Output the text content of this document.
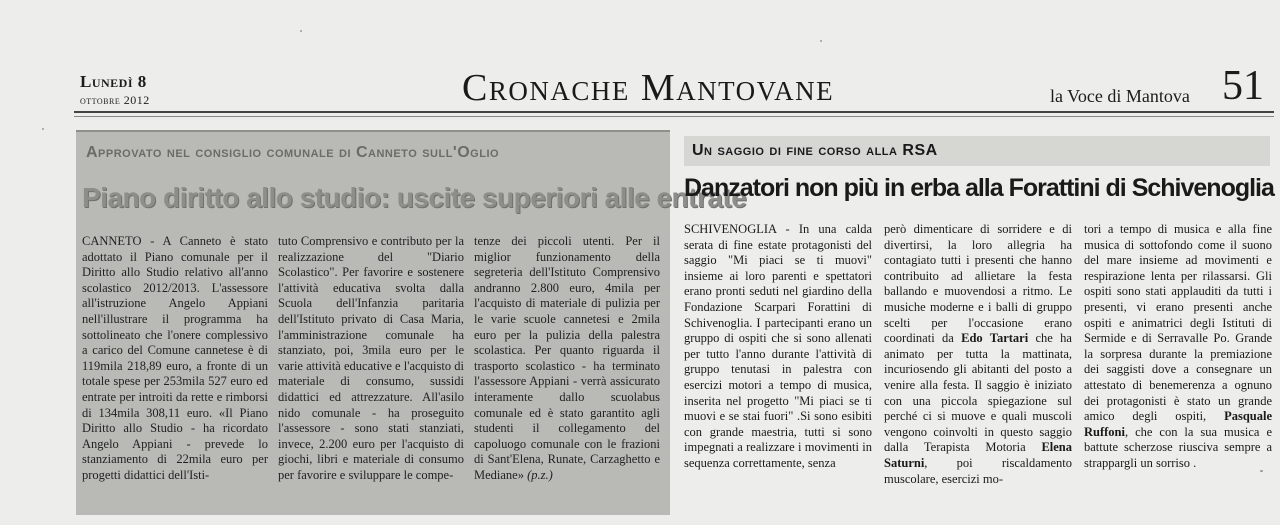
Lunedì 8
ottobre 2012	Cronache Mantovane	la Voce di Mantova 51
Approvato nel consiglio comunale di Canneto sull'Oglio
Piano diritto allo studio: uscite superiori alle entrate
CANNETO - A Canneto è stato adottato il Piano comunale per il Diritto allo Studio relativo all'anno scolastico 2012/2013. L'assessore all'istruzione Angelo Appiani nell'illustrare il programma ha sottolineato che l'onere complessivo a carico del Comune cannetese è di 119mila 218,89 euro, a fronte di un totale spese per 253mila 527 euro ed entrate per introiti da rette e rimborsi di 134mila 308,11 euro. «Il Piano Diritto allo Studio - ha ricordato Angelo Appiani - prevede lo stanziamento di 22mila euro per progetti didattici dell'Isti-
tuto Comprensivo e contributo per la realizzazione del "Diario Scolastico". Per favorire e sostenere l'attività educativa svolta dalla Scuola dell'Infanzia paritaria dell'Istituto privato di Casa Maria, l'amministrazione comunale ha stanziato, poi, 3mila euro per le varie attività educative e l'acquisto di materiale di consumo, sussidi didattici ed attrezzature. All'asilo nido comunale - ha proseguito l'assessore - sono stati stanziati, invece, 2.200 euro per l'acquisto di giochi, libri e materiale di consumo per favorire e sviluppare le compe-
tenze dei piccoli utenti. Per il miglior funzionamento della segreteria dell'Istituto Comprensivo andranno 2.800 euro, 4mila per l'acquisto di materiale di pulizia per le varie scuole cannetesi e 2mila euro per la pulizia della palestra scolastica. Per quanto riguarda il trasporto scolastico - ha terminato l'assessore Appiani - verrà assicurato interamente dallo scuolabus comunale ed è stato garantito agli studenti il collegamento del capoluogo comunale con le frazioni di Sant'Elena, Runate, Carzaghetto e Mediane» (p.z.)
Un saggio di fine corso alla RSA
Danzatori non più in erba alla Forattini di Schivenoglia
SCHIVENOGLIA - In una calda serata di fine estate protagonisti del saggio "Mi piaci se ti muovi" insieme ai loro parenti e spettatori erano pronti seduti nel giardino della Fondazione Scarpari Forattini di Schivenoglia. I partecipanti erano un gruppo di ospiti che si sono allenati per tutto l'anno durante l'attività di gruppo tenutasi in palestra con esercizi motori a tempo di musica, inserita nel progetto "Mi piaci se ti muovi e se stai fuori" .Si sono esibiti con grande maestria, tutti si sono impegnati a realizzare i movimenti in sequenza correttamente, senza
però dimenticare di sorridere e di divertirsi, la loro allegria ha contagiato tutti i presenti che hanno contribuito ad allietare la festa ballando e muovendosi a ritmo. Le musiche moderne e i balli di gruppo scelti per l'occasione erano coordinati da Edo Tartari che ha animato per tutta la mattinata, incuriosendo gli abitanti del posto a venire alla festa. Il saggio è iniziato con una piccola spiegazione sul perché ci si muove e quali muscoli vengono coinvolti in questo saggio dalla Terapista Motoria Elena Saturni, poi riscaldamento muscolare, esercizi mo-
tori a tempo di musica e alla fine musica di sottofondo come il suono del mare insieme ad movimenti e respirazione lenta per rilassarsi. Gli ospiti sono stati applauditi da tutti i presenti, vi erano presenti anche ospiti e animatrici degli Istituti di Sermide e di Serravalle Po. Grande la sorpresa durante la premiazione dei saggisti dove a consegnare un attestato di benemerenza a ognuno dei protagonisti è stato un grande amico degli ospiti, Pasquale Ruffoni, che con la sua musica e battute scherzose riusciva sempre a strappargli un sorriso .
